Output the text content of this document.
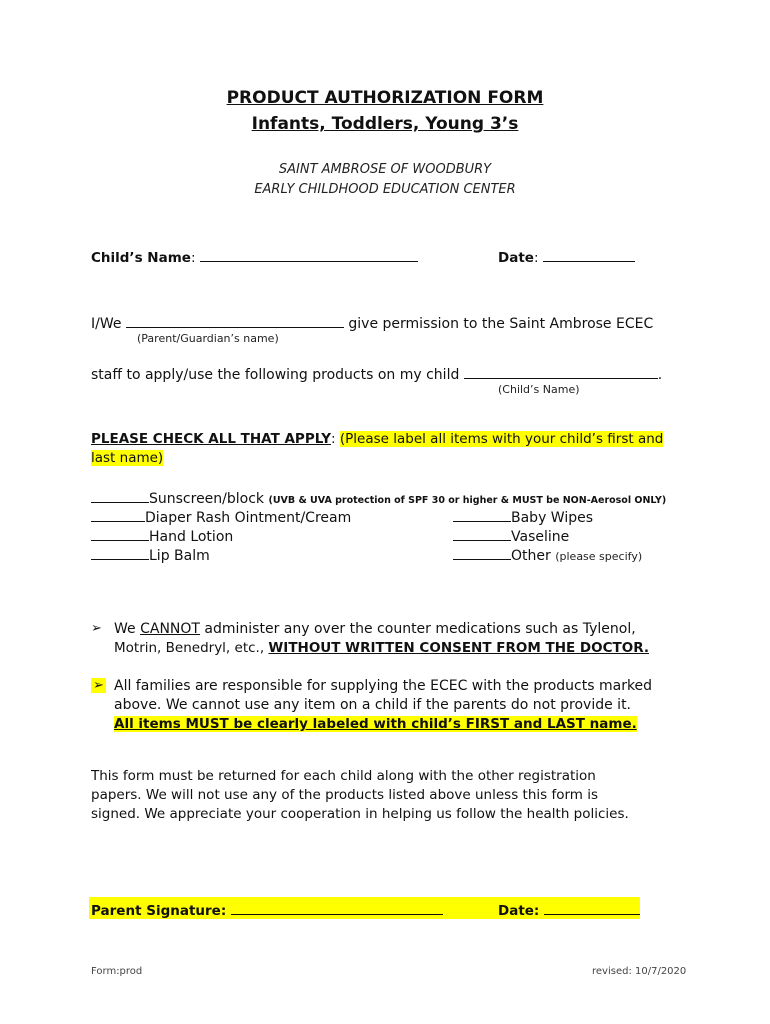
PRODUCT AUTHORIZATION FORM
Infants, Toddlers, Young 3’s
SAINT AMBROSE OF WOODBURY
EARLY CHILDHOOD EDUCATION CENTER
Child’s Name:	Date:
I/We	give permission to the Saint Ambrose ECEC
(Parent/Guardian’s name)
staff to apply/use the following products on my child	.
(Child’s Name)
PLEASE CHECK ALL THAT APPLY: (Please label all items with your child’s first and
last name)
Sunscreen/block (UVB & UVA protection of SPF 30 or higher & MUST be NON-Aerosol ONLY)
Diaper Rash Ointment/Cream
Hand Lotion
Lip Balm
Baby Wipes
Vaseline
Other (please specify)
➢ We CANNOT administer any over the counter medications such as Tylenol,
Motrin, Benedryl, etc., WITHOUT WRITTEN CONSENT FROM THE DOCTOR.
➢ All families are responsible for supplying the ECEC with the products marked
above. We cannot use any item on a child if the parents do not provide it.
All items MUST be clearly labeled with child’s FIRST and LAST name.
This form must be returned for each child along with the other registration
papers. We will not use any of the products listed above unless this form is
signed. We appreciate your cooperation in helping us follow the health policies.
Parent Signature:	Date:
Form:prod	revised: 10/7/2020
